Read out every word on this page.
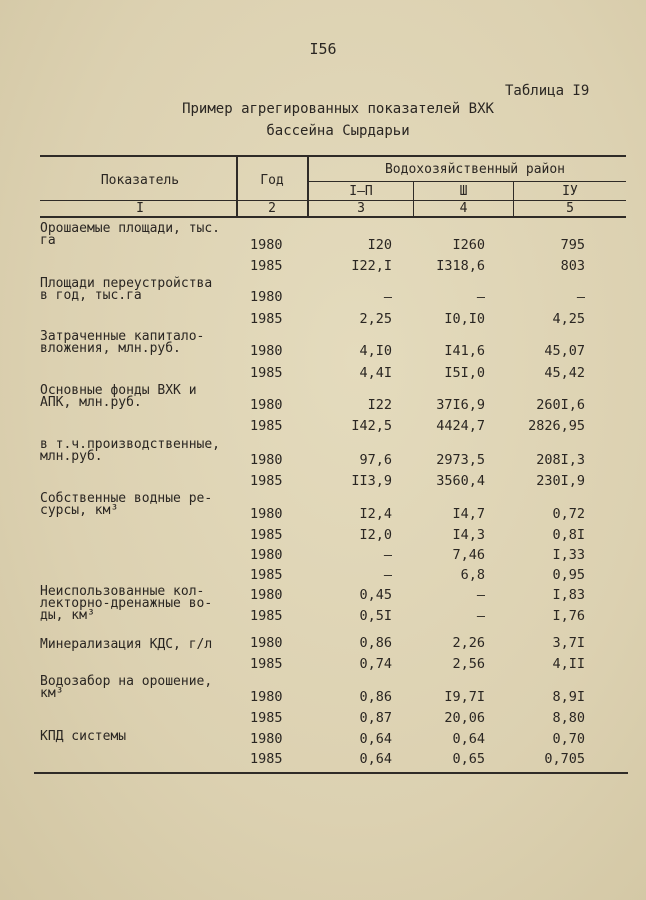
I56
Таблица I9
Пример агрегированных показателей ВХК
бассейна Сырдарьи
Показатель	Год
Водохозяйственный район
I–П	Ш	IУ
I	2	3	4	5
Орошаемые площади, тыс.
га	1980	I20	I260	795
1985	I22,I	I318,6	803
Площади переустройства
в год, тыс.га	1980	–	–	–
1985	2,25	I0,I0	4,25
Затраченные капитало-
вложения, млн.руб.	1980	4,I0	I41,6	45,07
1985	4,4I	I5I,0	45,42
Основные фонды ВХК и
АПК, млн.руб.	1980	I22	37I6,9	260I,6
1985	I42,5	4424,7	2826,95
в т.ч.производственные,
млн.руб.	1980	97,6	2973,5	208I,3
1985	II3,9	3560,4	230I,9
Собственные водные ре-
сурсы, км³	1980	I2,4	I4,7	0,72
1985	I2,0	I4,3	0,8I
1980	–	7,46	I,33
1985	–	6,8	0,95
Неиспользованные кол-
лекторно-дренажные во-
ды, км³
1980	0,45	–	I,83
1985	0,5I	–	I,76
Минерализация КДС, г/л	1980	0,86	2,26	3,7I
1985	0,74	2,56	4,II
Водозабор на орошение,
км³	1980	0,86	I9,7I	8,9I
1985	0,87	20,06	8,80
КПД системы	1980	0,64	0,64	0,70
1985	0,64	0,65	0,705
